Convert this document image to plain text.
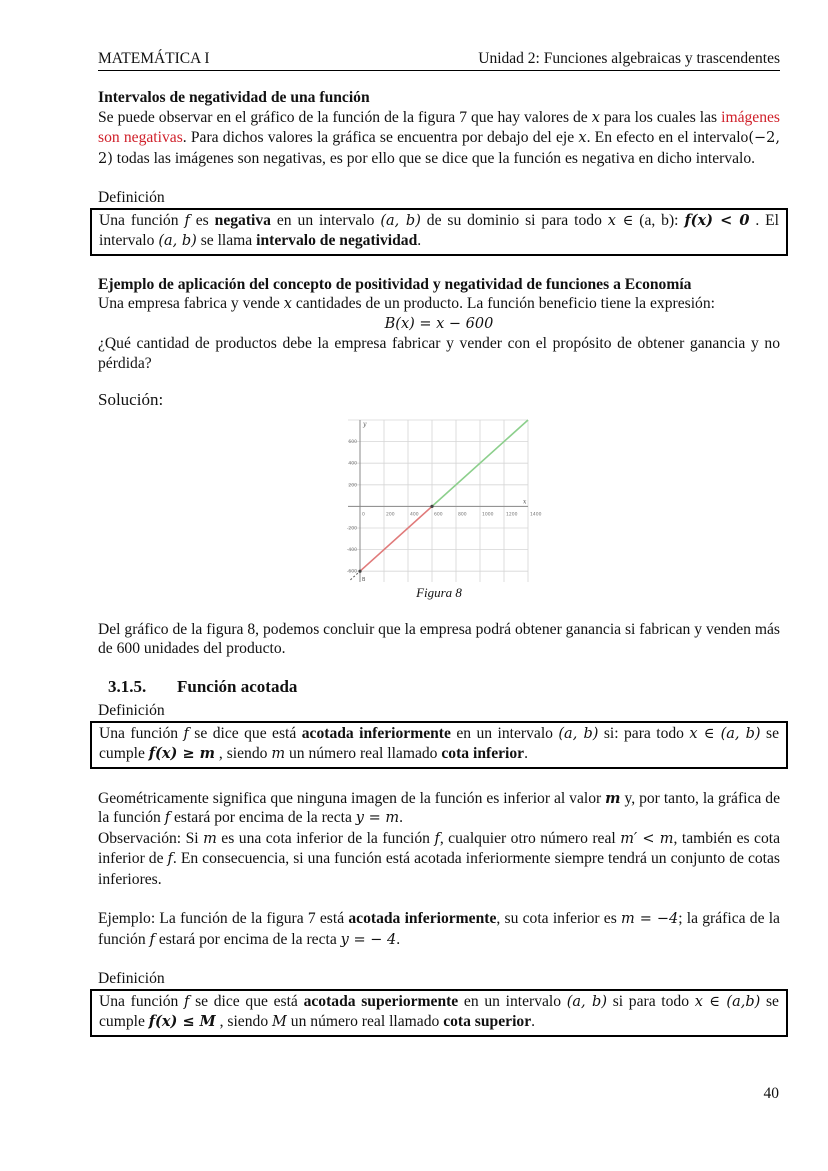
MATEMÁTICA I	Unidad 2: Funciones algebraicas y trascendentes

Intervalos de negatividad de una función

Se puede observar en el gráfico de la función de la figura 7 que hay valores de x para los cuales las imágenes son negativas. Para dichos valores la gráfica se encuentra por debajo del eje x. En efecto en el intervalo(−2, 2) todas las imágenes son negativas, es por ello que se dice que la función es negativa en dicho intervalo.

Definición

Una función f es negativa en un intervalo (a, b) de su dominio si para todo x ∈ (a, b): f(x) < 0 . El intervalo (a, b) se llama intervalo de negatividad.

Ejemplo de aplicación del concepto de positividad y negatividad de funciones a Economía

Una empresa fabrica y vende x cantidades de un producto. La función beneficio tiene la expresión:

B(x) = x − 600

¿Qué cantidad de productos debe la empresa fabricar y vender con el propósito de obtener ganancia y no pérdida?

Solución:

0	200	400	600	800	1000	1200	1400
-600
-400
-200
200
400
600
x
y
B
Figura 8

Del gráfico de la figura 8, podemos concluir que la empresa podrá obtener ganancia si fabrican y venden más de 600 unidades del producto.

3.1.5.	Función acotada

Definición

Una función f se dice que está acotada inferiormente en un intervalo (a, b) si: para todo x ∈ (a, b) se cumple f(x) ≥ m , siendo m un número real llamado cota inferior.

Geométricamente significa que ninguna imagen de la función es inferior al valor m y, por tanto, la gráfica de la función f estará por encima de la recta y = m.

Observación: Si m es una cota inferior de la función f, cualquier otro número real m′ < m, también es cota inferior de f. En consecuencia, si una función está acotada inferiormente siempre tendrá un conjunto de cotas inferiores.

Ejemplo: La función de la figura 7 está acotada inferiormente, su cota inferior es m = −4; la gráfica de la función f estará por encima de la recta y = − 4.

Definición

Una función f se dice que está acotada superiormente en un intervalo (a, b) si para todo x ∈ (a,b) se cumple f(x) ≤ M , siendo M un número real llamado cota superior.

40
